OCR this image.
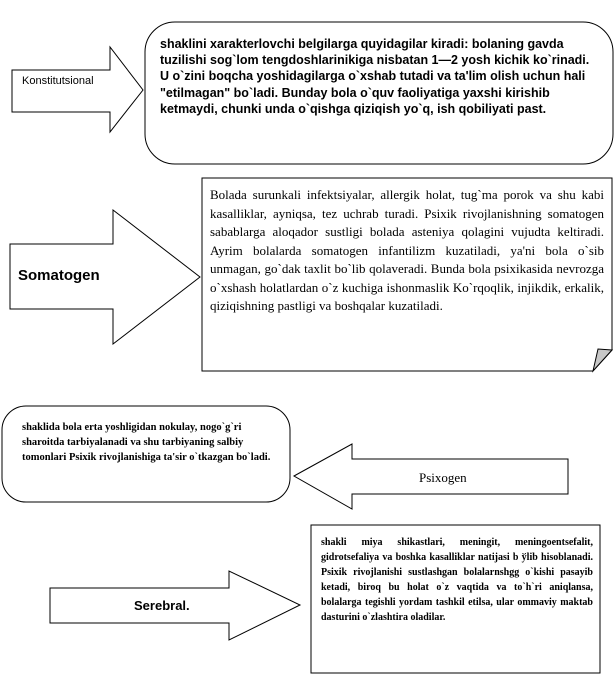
Konstitutsional
shaklini xarakterlovchi belgilarga quyidagilar kiradi: bolaning gavda tuzilishi sog`lom tengdoshlarinikiga nisbatan 1—2 yosh kichik ko`rinadi. U o`zini boqcha yoshidagilarga o`xshab tutadi va ta'lim olish uchun hali "etilmagan" bo`ladi. Bunday bola o`quv faoliyatiga yaxshi kirishib ketmaydi, chunki unda o`qishga qiziqish yo`q, ish qobiliyati past.
Somatogen
Bolada surunkali infektsiyalar, allergik holat, tug`ma porok va shu kabi kasalliklar, ayniqsa, tez uchrab turadi. Psixik rivojlanishning somatogen sabablarga aloqador sustligi bolada asteniya qolagini vujudta keltiradi. Ayrim bolalarda somatogen infantilizm kuzatiladi, ya'ni bola o`sib unmagan, go`dak taxlit bo`lib qolaveradi. Bunda bola psixikasida nevrozga o`xshash holatlardan o`z kuchiga ishonmaslik Ko`rqoqlik, injikdik, erkalik, qiziqishning pastligi va boshqalar kuzatiladi.
shaklida bola erta yoshligidan nokulay, nogo`g`ri sharoitda tarbiyalanadi va shu tarbiyaning salbiy tomonlari Psixik rivojlanishiga ta'sir o`tkazgan bo`ladi.
Psixogen
Serebral.
shakli miya shikastlari, meningit, meningoentsefalit, gidrotsefaliya va boshka kasalliklar natijasi b ўlib hisoblanadi. Psixik rivojlanishi sustlashgan bolalarnshgg o`kishi pasayib ketadi, biroq bu holat o`z vaqtida va to`h`ri aniqlansa, bolalarga tegishli yordam tashkil etilsa, ular ommaviy maktab dasturini o`zlashtira oladilar.
